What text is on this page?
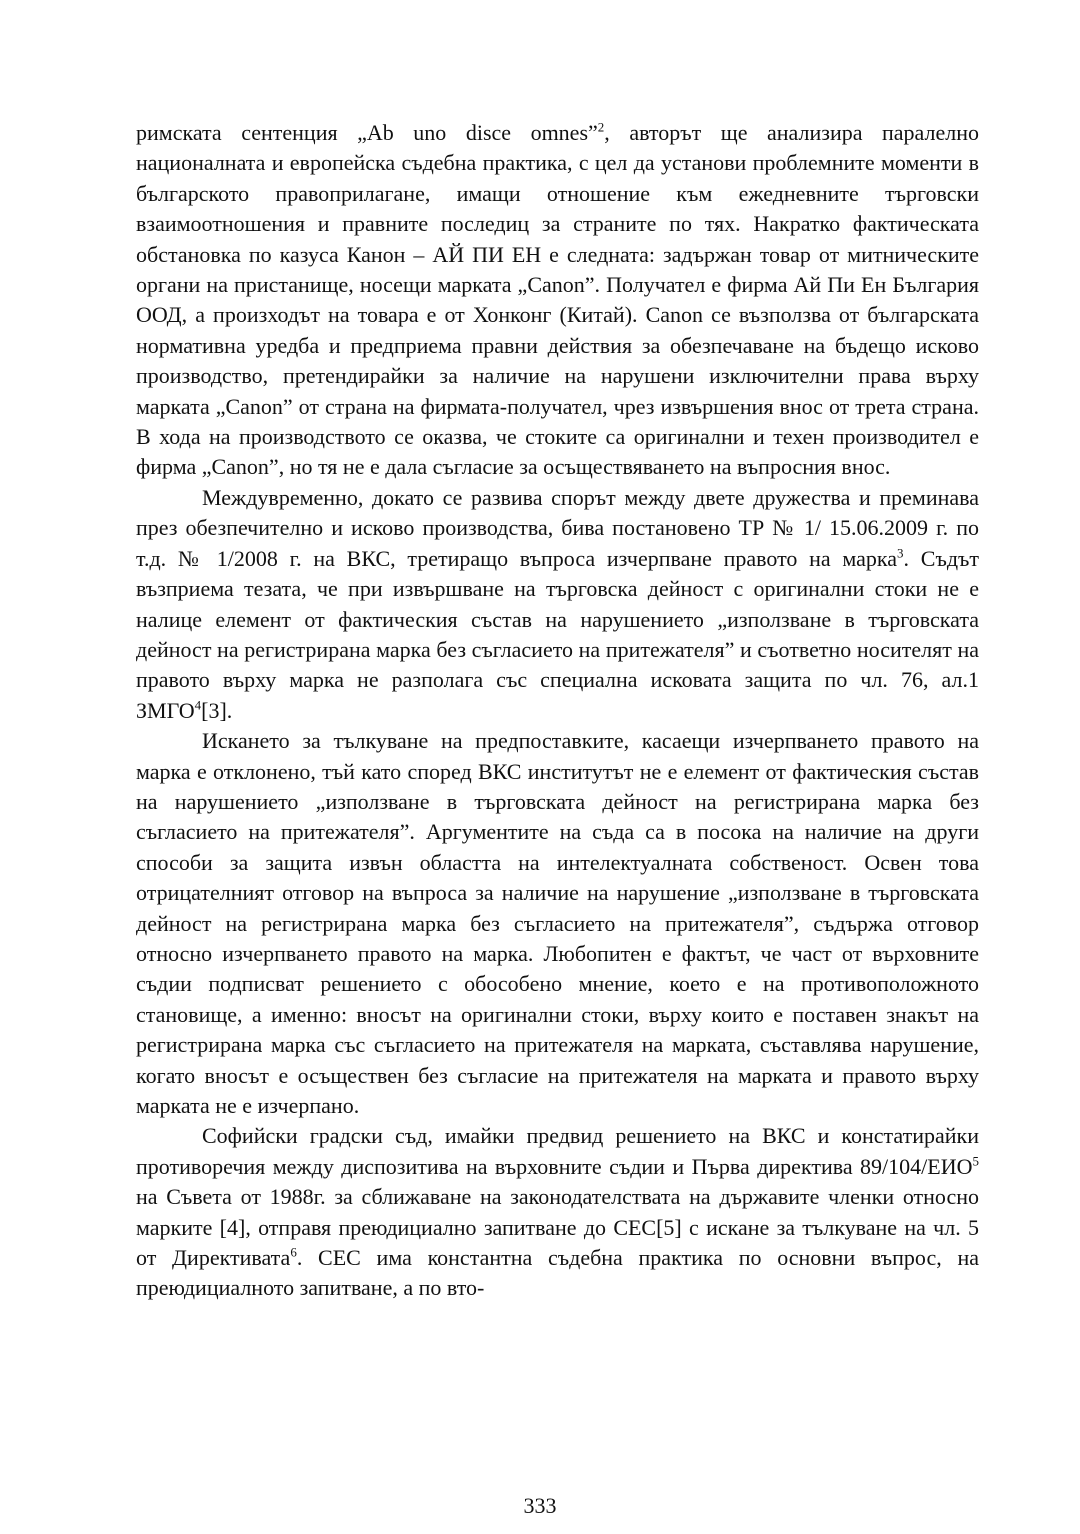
римската сентенция „Ab uno disce omnes”$^2$, авторът ще анализира паралелно националната и европейска съдебна практика, с цел да установи проблемните моменти в българското правоприлагане, имащи отношение към ежедневните търговски взаимоотношения и правните последиц за страните по тях. Накратко фактическата обстановка по казуса Канон – АЙ ПИ ЕН е следната: задържан товар от митническите органи на пристанище, носещи марката „Canon”. Получател е фирма Ай Пи Ен България ООД, а произходът на товара е от Хонконг (Китай). Canon се възползва от българската нормативна уредба и предприема правни действия за обезпечаване на бъдещо исково производство, претендирайки за наличие на нарушени изключителни права върху марката „Canon” от страна на фирмата-получател, чрез извършения внос от трета страна. В хода на производството се оказва, че стоките са оригинални и техен производител е фирма „Canon”, но тя не е дала съгласие за осъществяването на въпросния внос.

Междувременно, докато се развива спорът между двете дружества и преминава през обезпечително и исково производства, бива постановено ТР № 1/ 15.06.2009 г. по т.д. № 1/2008 г. на ВКС, третиращо въпроса изчерпване правото на марка$^3$. Съдът възприема тезата, че при извършване на търговска дейност с оригинални стоки не е налице елемент от фактическия състав на нарушението „използване в търговската дейност на регистрирана марка без съгласието на притежателя” и съответно носителят на правото върху марка не разполага със специална исковата защита по чл. 76, ал.1 ЗМГО$^4$[3].

Искането за тълкуване на предпоставките, касаещи изчерпването правото на марка е отклонено, тъй като според ВКС институтът не е елемент от фактическия състав на нарушението „използване в търговската дейност на регистрирана марка без съгласието на притежателя”. Аргументите на съда са в посока на наличие на други способи за защита извън областта на интелектуалната собственост. Освен това отрицателният отговор на въпроса за наличие на нарушение „използване в търговската дейност на регистрирана марка без съгласието на притежателя”, съдържа отговор относно изчерпването правото на марка. Любопитен е фактът, че част от върховните съдии подписват решението с обособено мнение, което е на противоположното становище, а именно: вносът на оригинални стоки, върху които е поставен знакът на регистрирана марка със съгласието на притежателя на марката, съставлява нарушение, когато вносът е осъществен без съгласие на притежателя на марката и правото върху марката не е изчерпано.

Софийски градски съд, имайки предвид решението на ВКС и констатирайки противоречия между диспозитива на върховните съдии и Първа директива 89/104/ЕИО$^5$ на Съвета от 1988г. за сближаване на законодателствата на държавите членки относно марките [4], отправя преюдициално запитване до СЕС[5] с искане за тълкуване на чл. 5 от Директивата$^6$. СЕС има константна съдебна практика по основни въпрос, на преюдициалното запитване, а по вто-

333
